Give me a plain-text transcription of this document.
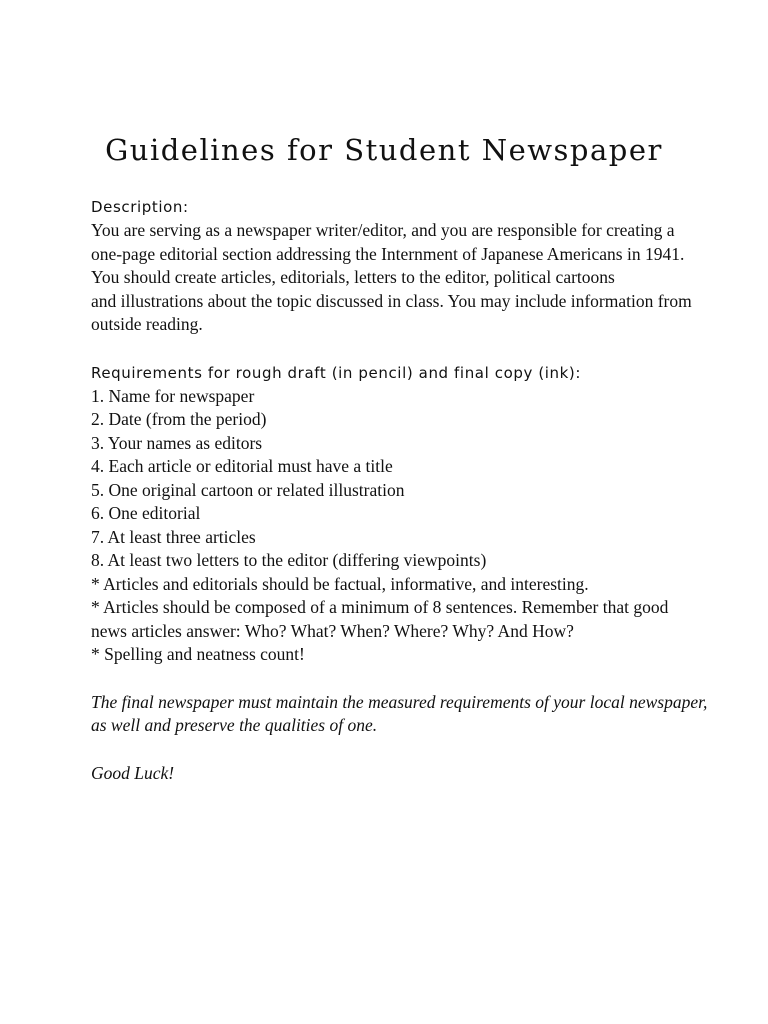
Guidelines for Student Newspaper

Description:

You are serving as a newspaper writer/editor, and you are responsible for creating a

one-page editorial section addressing the Internment of Japanese Americans in 1941.

You should create articles, editorials, letters to the editor, political cartoons

and illustrations about the topic discussed in class. You may include information from

outside reading.

Requirements for rough draft (in pencil) and final copy (ink):

1. Name for newspaper

2. Date (from the period)

3. Your names as editors

4. Each article or editorial must have a title

5. One original cartoon or related illustration

6. One editorial

7. At least three articles

8. At least two letters to the editor (differing viewpoints)

* Articles and editorials should be factual, informative, and interesting.

* Articles should be composed of a minimum of 8 sentences. Remember that good

news articles answer: Who? What? When? Where? Why? And How?

* Spelling and neatness count!

The final newspaper must maintain the measured requirements of your local newspaper,

as well and preserve the qualities of one.

Good Luck!
